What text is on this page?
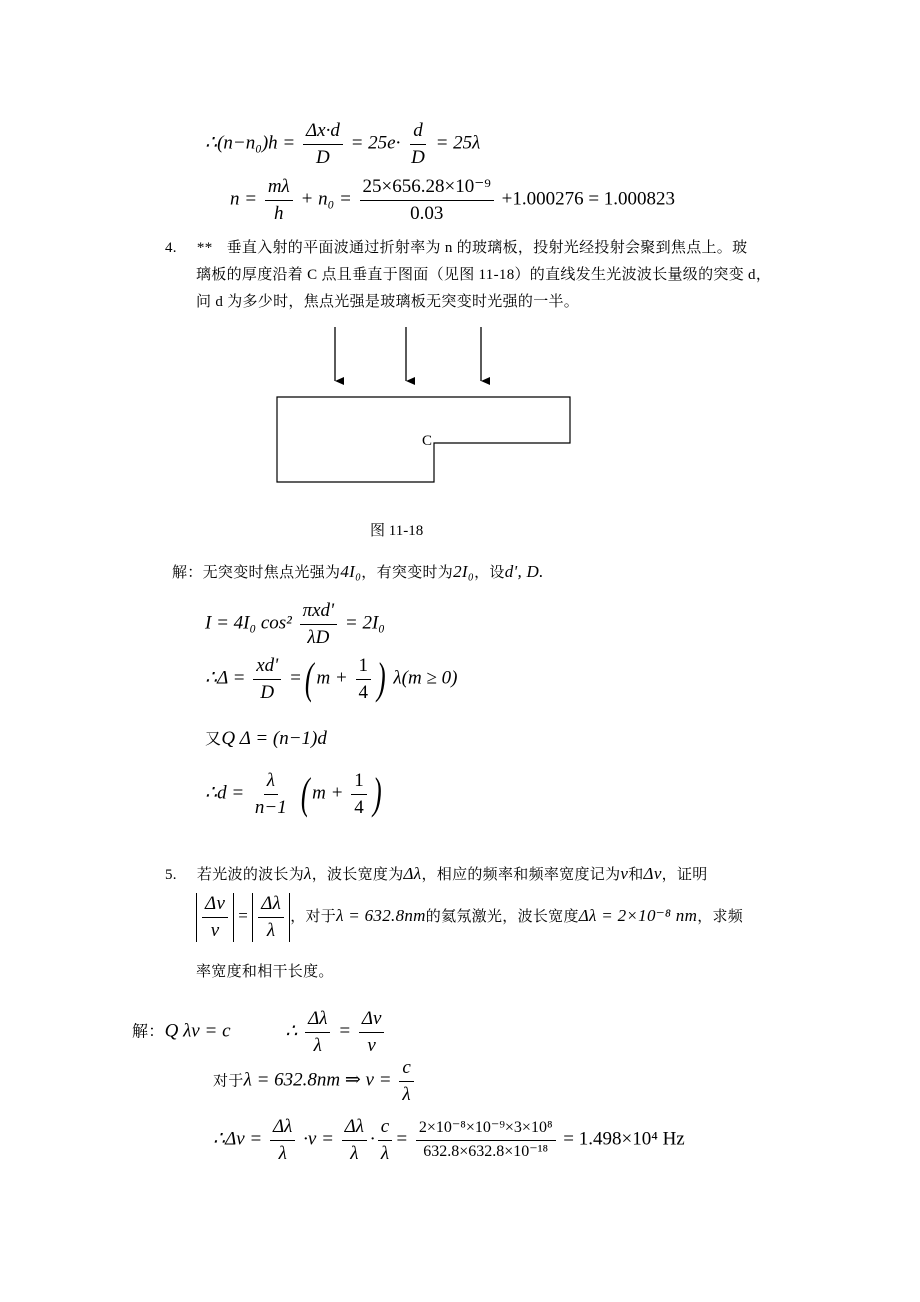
∴(n−n₀)h = $\frac{\Delta x\cdot d}{D} = 25e\cdot \frac{d}{D} = 25\lambda$
$n = \frac{m\lambda}{h} + n_0 = \frac{\text{25×656.28×10⁻⁹}}{0.03} +1.000276 = 1.000823$
4. ** 垂直入射的平面波通过折射率为 n 的玻璃板，投射光经投射会聚到焦点上。玻
璃板的厚度沿着 C 点且垂直于图面（见图 11-18）的直线发生光波波长量级的突变 d，
问 d 为多少时，焦点光强是玻璃板无突变时光强的一半。
C
图 11-18
解：无突变时焦点光强为4I₀，有突变时为2I₀，设d', D.
I = 4I₀ $\cos^2 \frac{\text{πxd'}}{\lambda D} = 2I_0$
∴Δ = $\frac{xd'}{D}$ =( $m + \frac{1}{4}$ ) λ(m ≥ 0)
又Q Δ = (n−1)d
∴d = $\frac{\lambda}{n-1}$ ( $m + \frac{1}{4}$ )
5. 若光波的波长为λ，波长宽度为Δλ，相应的频率和频率宽度记为ν和Δν，证明
$\frac{\Delta\nu}{\nu} = \frac{\Delta\lambda}{\lambda}$ ，对于λ = 632.8nm的氦氖激光，波长宽度Δλ = 2×10⁻⁸ nm，求频
率宽度和相干长度。
解：Q λν = c	∴ $\frac{\Delta\lambda}{\lambda} = \frac{\Delta\nu}{\nu}$
对于λ = 632.8nm ⇒ $\nu = \frac{c}{\lambda}$
∴Δν = $\frac{\Delta\lambda}{\lambda} \cdot\nu = \frac{\Delta\lambda}{\lambda} \cdot \frac{c}{\lambda} = \frac{\text{2×10⁻⁸×10⁻⁹×3×10⁸}}{\text{632.8×632.8×10⁻¹⁸}} = 1.498\times 10^4$ Hz
